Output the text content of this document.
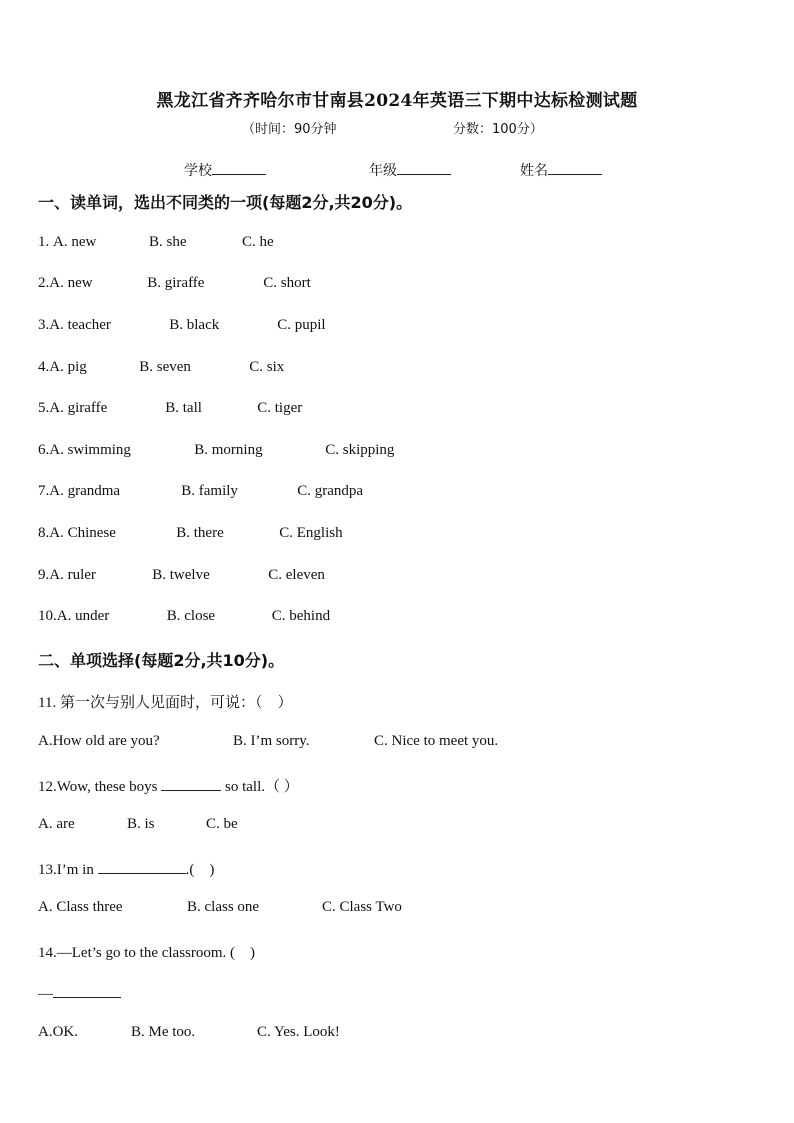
黑龙江省齐齐哈尔市甘南县2024年英语三下期中达标检测试题
（时间：90分钟	分数：100分）
学校	年级	姓名
一、读单词，选出不同类的一项(每题2分,共20分)。
1. A. new	B. she	C. he
2.A. new	B. giraffe	C. short
3.A. teacher	B. black	C. pupil
4.A. pig	B. seven	C. six
5.A. giraffe	B. tall	C. tiger
6.A. swimming	B. morning	C. skipping
7.A. grandma	B. family	C. grandpa
8.A. Chinese	B. there	C. English
9.A. ruler	B. twelve	C. eleven
10.A. under	B. close	C. behind
二、单项选择(每题2分,共10分)。
11. 第一次与别人见面时，可说：（　）
A.How old are you?	B. I’m sorry.	C. Nice to meet you.
12.Wow, these boys	so tall.（ ）
A. are	B. is	C. be
13.I’m in	.(　)
A. Class three	B. class one	C. Class Two
14.—Let’s go to the classroom. (　)
—
A.OK.	B. Me too.	C. Yes. Look!
